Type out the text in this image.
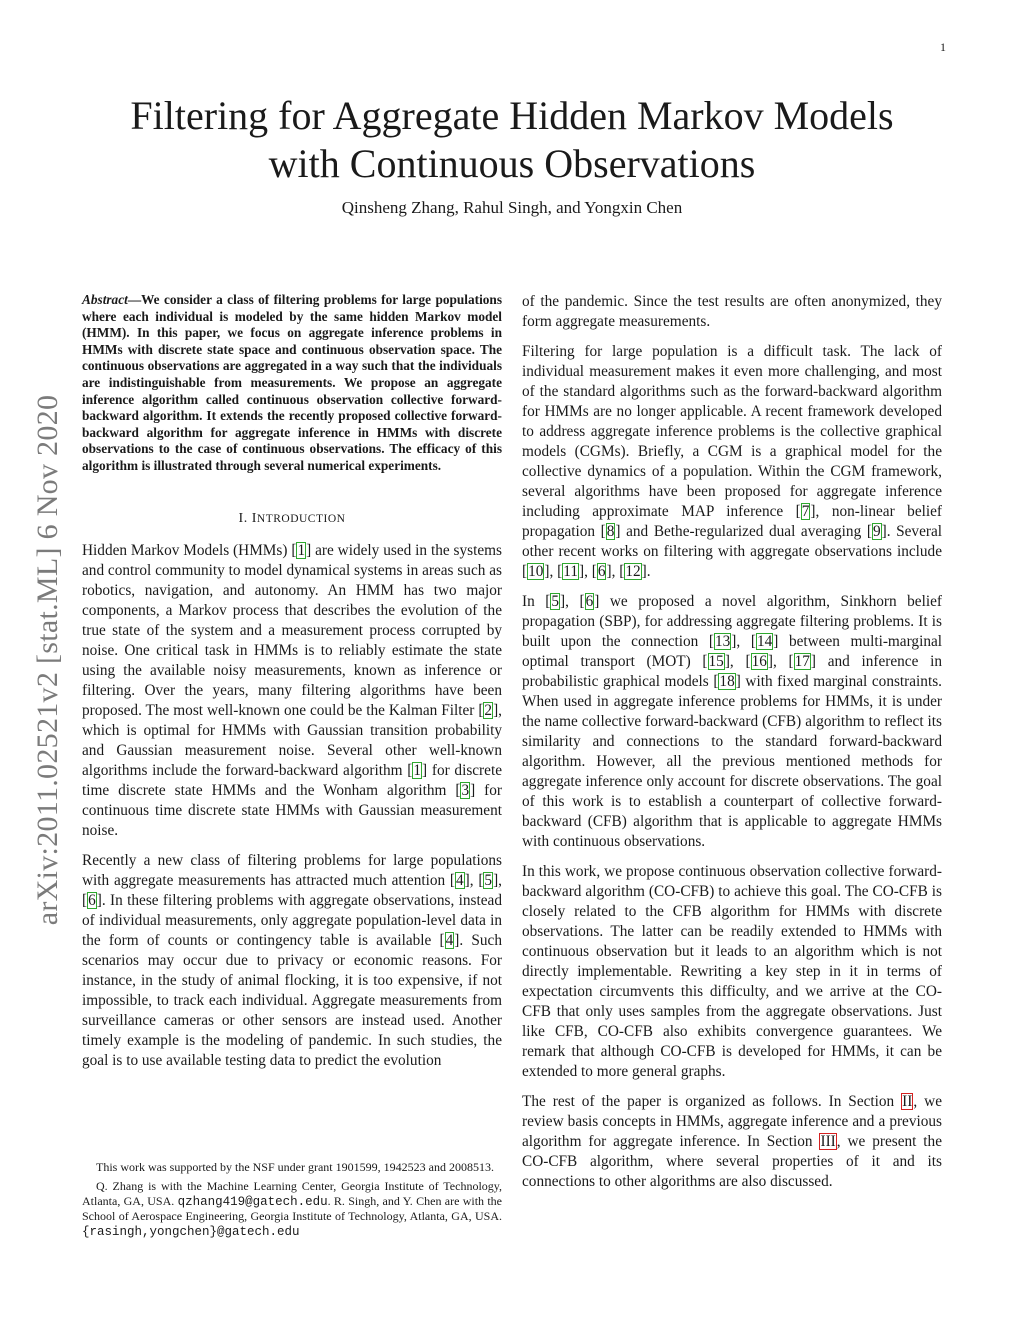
1
arXiv:2011.02521v2 [stat.ML] 6 Nov 2020
Filtering for Aggregate Hidden Markov Models
with Continuous Observations
Qinsheng Zhang, Rahul Singh, and Yongxin Chen

Abstract—We consider a class of filtering problems for large populations where each individual is modeled by the same hidden Markov model (HMM). In this paper, we focus on aggregate inference problems in HMMs with discrete state space and continuous observation space. The continuous observations are aggregated in a way such that the individuals are indistinguishable from measurements. We propose an aggregate inference algorithm called continuous observation collective forward-backward algorithm. It extends the recently proposed collective forward-backward algorithm for aggregate inference in HMMs with discrete observations to the case of continuous observations. The efficacy of this algorithm is illustrated through several numerical experiments.

I. INTRODUCTION

Hidden Markov Models (HMMs) [1] are widely used in the systems and control community to model dynamical systems in areas such as robotics, navigation, and autonomy. An HMM has two major components, a Markov process that describes the evolution of the true state of the system and a measurement process corrupted by noise. One critical task in HMMs is to reliably estimate the state using the available noisy measurements, known as inference or filtering. Over the years, many filtering algorithms have been proposed. The most well-known one could be the Kalman Filter [2], which is optimal for HMMs with Gaussian transition probability and Gaussian measurement noise. Several other well-known algorithms include the forward-backward algorithm [1] for discrete time discrete state HMMs and the Wonham algorithm [3] for continuous time discrete state HMMs with Gaussian measurement noise.

Recently a new class of filtering problems for large populations with aggregate measurements has attracted much attention [4], [5], [6]. In these filtering problems with aggregate observations, instead of individual measurements, only aggregate population-level data in the form of counts or contingency table is available [4]. Such scenarios may occur due to privacy or economic reasons. For instance, in the study of animal flocking, it is too expensive, if not impossible, to track each individual. Aggregate measurements from surveillance cameras or other sensors are instead used. Another timely example is the modeling of pandemic. In such studies, the goal is to use available testing data to predict the evolution

This work was supported by the NSF under grant 1901599, 1942523 and 2008513.

Q. Zhang is with the Machine Learning Center, Georgia Institute of Technology, Atlanta, GA, USA. qzhang419@gatech.edu. R. Singh, and Y. Chen are with the School of Aerospace Engineering, Georgia Institute of Technology, Atlanta, GA, USA. {rasingh,yongchen}@gatech.edu

of the pandemic. Since the test results are often anonymized, they form aggregate measurements.

Filtering for large population is a difficult task. The lack of individual measurement makes it even more challenging, and most of the standard algorithms such as the forward-backward algorithm for HMMs are no longer applicable. A recent framework developed to address aggregate inference problems is the collective graphical models (CGMs). Briefly, a CGM is a graphical model for the collective dynamics of a population. Within the CGM framework, several algorithms have been proposed for aggregate inference including approximate MAP inference [7], non-linear belief propagation [8] and Bethe-regularized dual averaging [9]. Several other recent works on filtering with aggregate observations include [10], [11], [6], [12].

In [5], [6] we proposed a novel algorithm, Sinkhorn belief propagation (SBP), for addressing aggregate filtering problems. It is built upon the connection [13], [14] between multi-marginal optimal transport (MOT) [15], [16], [17] and inference in probabilistic graphical models [18] with fixed marginal constraints. When used in aggregate inference problems for HMMs, it is under the name collective forward-backward (CFB) algorithm to reflect its similarity and connections to the standard forward-backward algorithm. However, all the previous mentioned methods for aggregate inference only account for discrete observations. The goal of this work is to establish a counterpart of collective forward-backward (CFB) algorithm that is applicable to aggregate HMMs with continuous observations.

In this work, we propose continuous observation collective forward-backward algorithm (CO-CFB) to achieve this goal. The CO-CFB is closely related to the CFB algorithm for HMMs with discrete observations. The latter can be readily extended to HMMs with continuous observation but it leads to an algorithm which is not directly implementable. Rewriting a key step in it in terms of expectation circumvents this difficulty, and we arrive at the CO-CFB that only uses samples from the aggregate observations. Just like CFB, CO-CFB also exhibits convergence guarantees. We remark that although CO-CFB is developed for HMMs, it can be extended to more general graphs.

The rest of the paper is organized as follows. In Section II, we review basis concepts in HMMs, aggregate inference and a previous algorithm for aggregate inference. In Section III, we present the CO-CFB algorithm, where several properties of it and its connections to other algorithms are also discussed.
